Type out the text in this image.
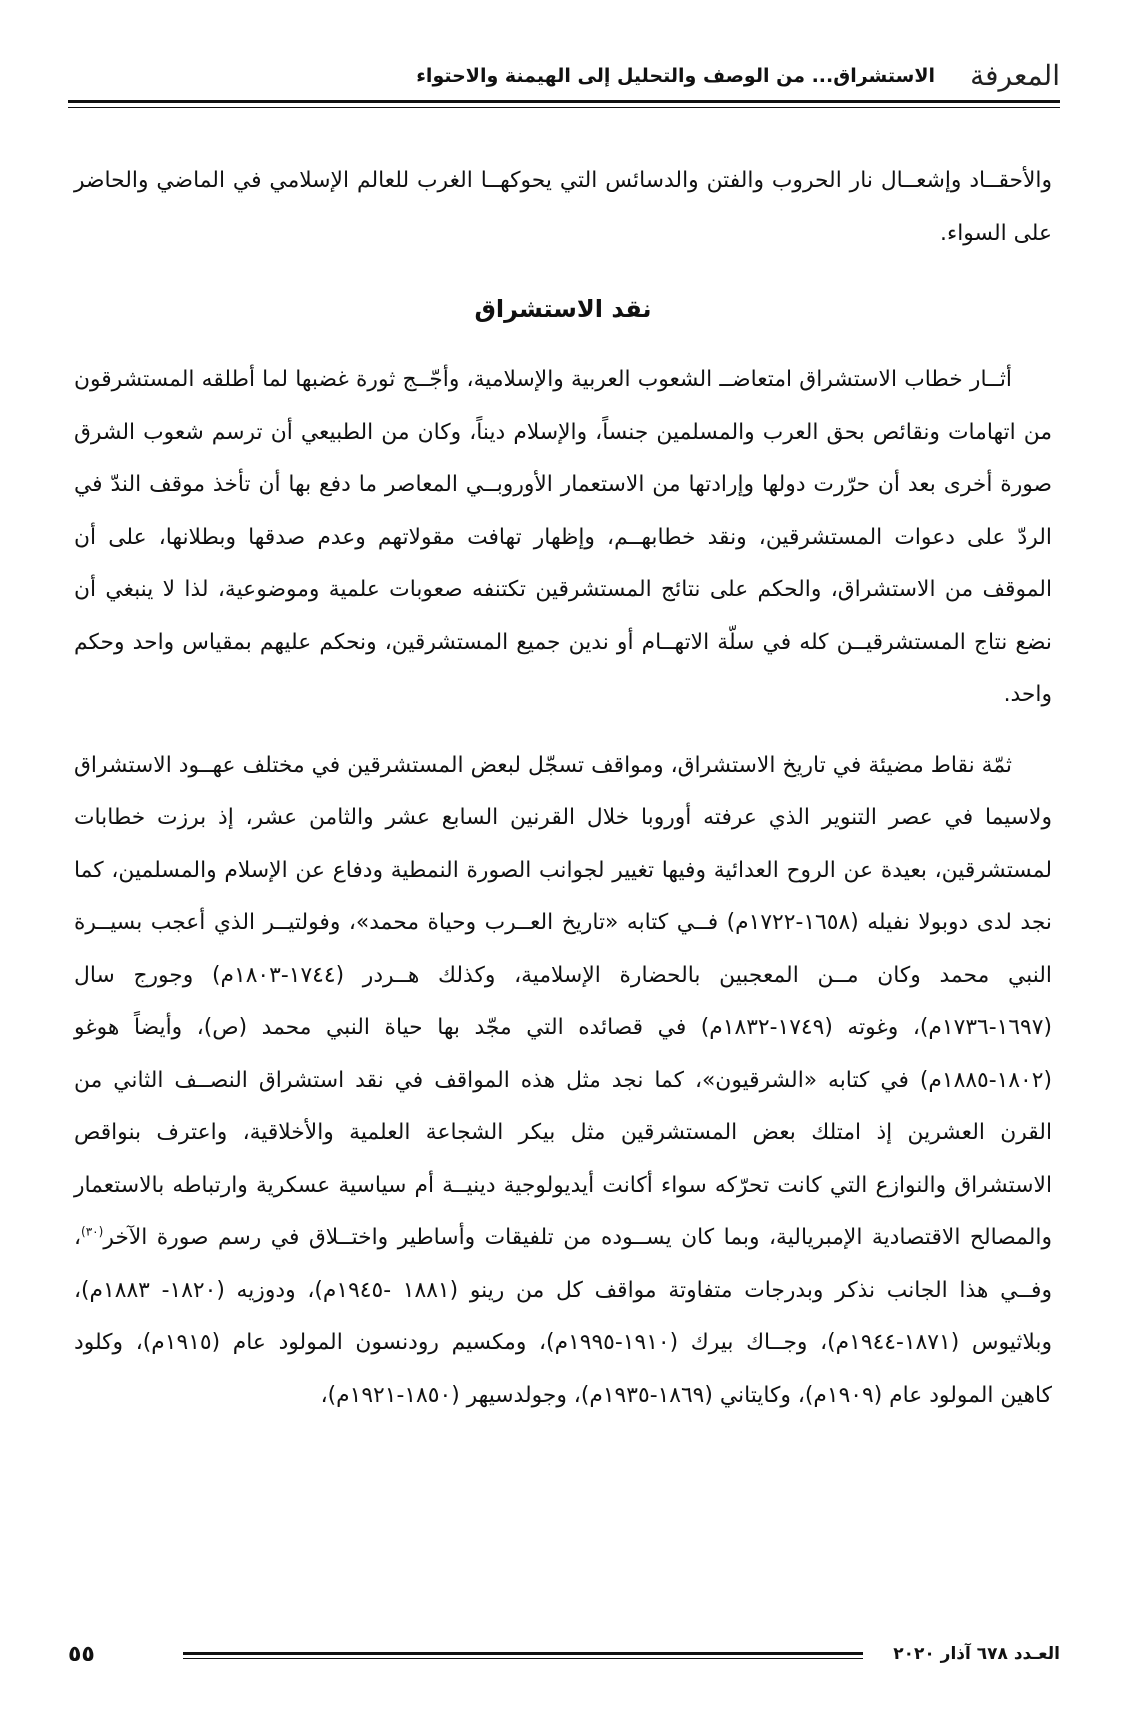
المعرفة
الاستشراق... من الوصف والتحليل إلى الهيمنة والاحتواء

والأحقــاد وإشعــال نار الحروب والفتن والدسائس التي يحوكهــا الغرب للعالم الإسلامي في الماضي والحاضر على السواء.

نقد الاستشراق

أثــار خطاب الاستشراق امتعاضــ الشعوب العربية والإسلامية، وأجّــج ثورة غضبها لما أطلقه المستشرقون من اتهامات ونقائص بحق العرب والمسلمين جنساً، والإسلام ديناً، وكان من الطبيعي أن ترسم شعوب الشرق صورة أخرى بعد أن حرّرت دولها وإرادتها من الاستعمار الأوروبــي المعاصر ما دفع بها أن تأخذ موقف الندّ في الردّ على دعوات المستشرقين، ونقد خطابهــم، وإظهار تهافت مقولاتهم وعدم صدقها وبطلانها، على أن الموقف من الاستشراق، والحكم على نتائج المستشرقين تكتنفه صعوبات علمية وموضوعية، لذا لا ينبغي أن نضع نتاج المستشرقيــن كله في سلّة الاتهــام أو ندين جميع المستشرقين، ونحكم عليهم بمقياس واحد وحكم واحد.

ثمّة نقاط مضيئة في تاريخ الاستشراق، ومواقف تسجّل لبعض المستشرقين في مختلف عهــود الاستشراق ولاسيما في عصر التنوير الذي عرفته أوروبا خلال القرنين السابع عشر والثامن عشر، إذ برزت خطابات لمستشرقين، بعيدة عن الروح العدائية وفيها تغيير لجوانب الصورة النمطية ودفاع عن الإسلام والمسلمين، كما نجد لدى دوبولا نفيله (١٦٥٨-١٧٢٢م) فــي كتابه «تاريخ العــرب وحياة محمد»، وفولتيــر الذي أعجب بسيــرة النبي محمد وكان مــن المعجبين بالحضارة الإسلامية، وكذلك هــردر (١٧٤٤-١٨٠٣م) وجورج سال (١٦٩٧-١٧٣٦م)، وغوته (١٧٤٩-١٨٣٢م) في قصائده التي مجّد بها حياة النبي محمد (ص)، وأيضاً هوغو (١٨٠٢-١٨٨٥م) في كتابه «الشرقيون»، كما نجد مثل هذه المواقف في نقد استشراق النصــف الثاني من القرن العشرين إذ امتلك بعض المستشرقين مثل بيكر الشجاعة العلمية والأخلاقية، واعترف بنواقص الاستشراق والنوازع التي كانت تحرّكه سواء أكانت أيديولوجية دينيــة أم سياسية عسكرية وارتباطه بالاستعمار والمصالح الاقتصادية الإمبريالية، وبما كان يســوده من تلفيقات وأساطير واختــلاق في رسم صورة الآخر$^{(٣٠)}$، وفــي هذا الجانب نذكر وبدرجات متفاوتة مواقف كل من رينو (١٨٨١ -١٩٤٥م)، ودوزيه (١٨٢٠- ١٨٨٣م)، وبلاثيوس (١٨٧١-١٩٤٤م)، وجــاك بيرك (١٩١٠-١٩٩٥م)، ومكسيم رودنسون المولود عام (١٩١٥م)، وكلود كاهين المولود عام (١٩٠٩م)، وكايتاني (١٨٦٩-١٩٣٥م)، وجولدسيهر (١٨٥٠-١٩٢١م)،

العـدد ٦٧٨ آذار ٢٠٢٠
٥٥
